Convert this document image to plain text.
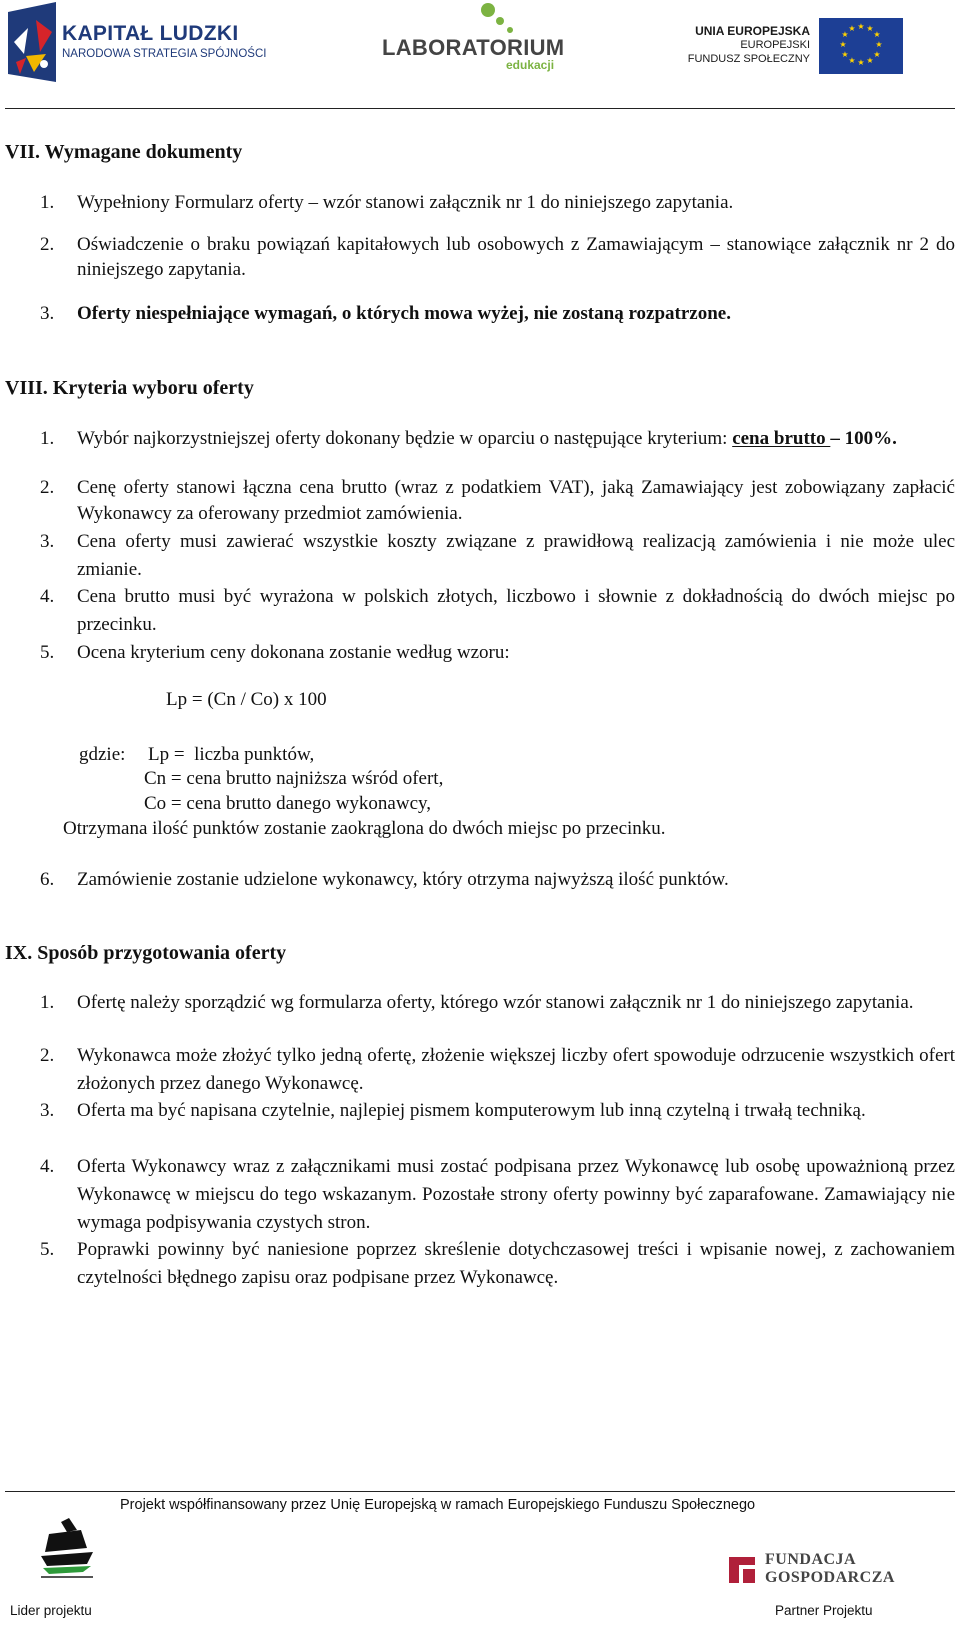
KAPITAŁ LUDZKI
NARODOWA STRATEGIA SPÓJNOŚCI	LABORATORIUM
edukacji
UNIA EUROPEJSKA
EUROPEJSKI
FUNDUSZ SPOŁECZNY
★ ★
★
★
★
★
★
★
★
★
★
★
VII. Wymagane dokumenty
1.	Wypełniony Formularz oferty – wzór stanowi załącznik nr 1 do niniejszego zapytania.
2.	Oświadczenie o braku powiązań kapitałowych lub osobowych z Zamawiającym – stanowiące załącznik nr 2 do niniejszego zapytania.
3.	Oferty niespełniające wymagań, o których mowa wyżej, nie zostaną rozpatrzone.
VIII. Kryteria wyboru oferty
1.	Wybór najkorzystniejszej oferty dokonany będzie w oparciu o następujące kryterium: cena brutto – 100%.
2.	Cenę oferty stanowi łączna cena brutto (wraz z podatkiem VAT), jaką Zamawiający jest zobowiązany zapłacić Wykonawcy za oferowany przedmiot zamówienia.
3.	Cena oferty musi zawierać wszystkie koszty związane z prawidłową realizacją zamówienia i nie może ulec zmianie.
4.	Cena brutto musi być wyrażona w polskich złotych, liczbowo i słownie z dokładnością do dwóch miejsc po przecinku.
5.	Ocena kryterium ceny dokonana zostanie według wzoru:
Lp = (Cn / Co) x 100
gdzie: Lp =  liczba punktów,
Cn = cena brutto najniższa wśród ofert,
Co = cena brutto danego wykonawcy,
Otrzymana ilość punktów zostanie zaokrąglona do dwóch miejsc po przecinku.
6.	Zamówienie zostanie udzielone wykonawcy, który otrzyma najwyższą ilość punktów.
IX. Sposób przygotowania oferty
1.	Ofertę należy sporządzić wg formularza oferty, którego wzór stanowi załącznik nr 1 do niniejszego zapytania.
2.	Wykonawca może złożyć tylko jedną ofertę, złożenie większej liczby ofert spowoduje odrzucenie wszystkich ofert złożonych przez danego Wykonawcę.
3.	Oferta ma być napisana czytelnie, najlepiej pismem komputerowym lub inną czytelną i trwałą techniką.
4.	Oferta Wykonawcy wraz z załącznikami musi zostać podpisana przez Wykonawcę lub osobę upoważnioną przez Wykonawcę w miejscu do tego wskazanym. Pozostałe strony oferty powinny być zaparafowane. Zamawiający nie wymaga podpisywania czystych stron.
5.	Poprawki powinny być naniesione poprzez skreślenie dotychczasowej treści i wpisanie nowej, z zachowaniem czytelności błędnego zapisu oraz podpisane przez Wykonawcę.
Projekt współfinansowany przez Unię Europejską w ramach Europejskiego Funduszu Społecznego
Lider projektu
FUNDACJA
GOSPODARCZA
Partner Projektu
